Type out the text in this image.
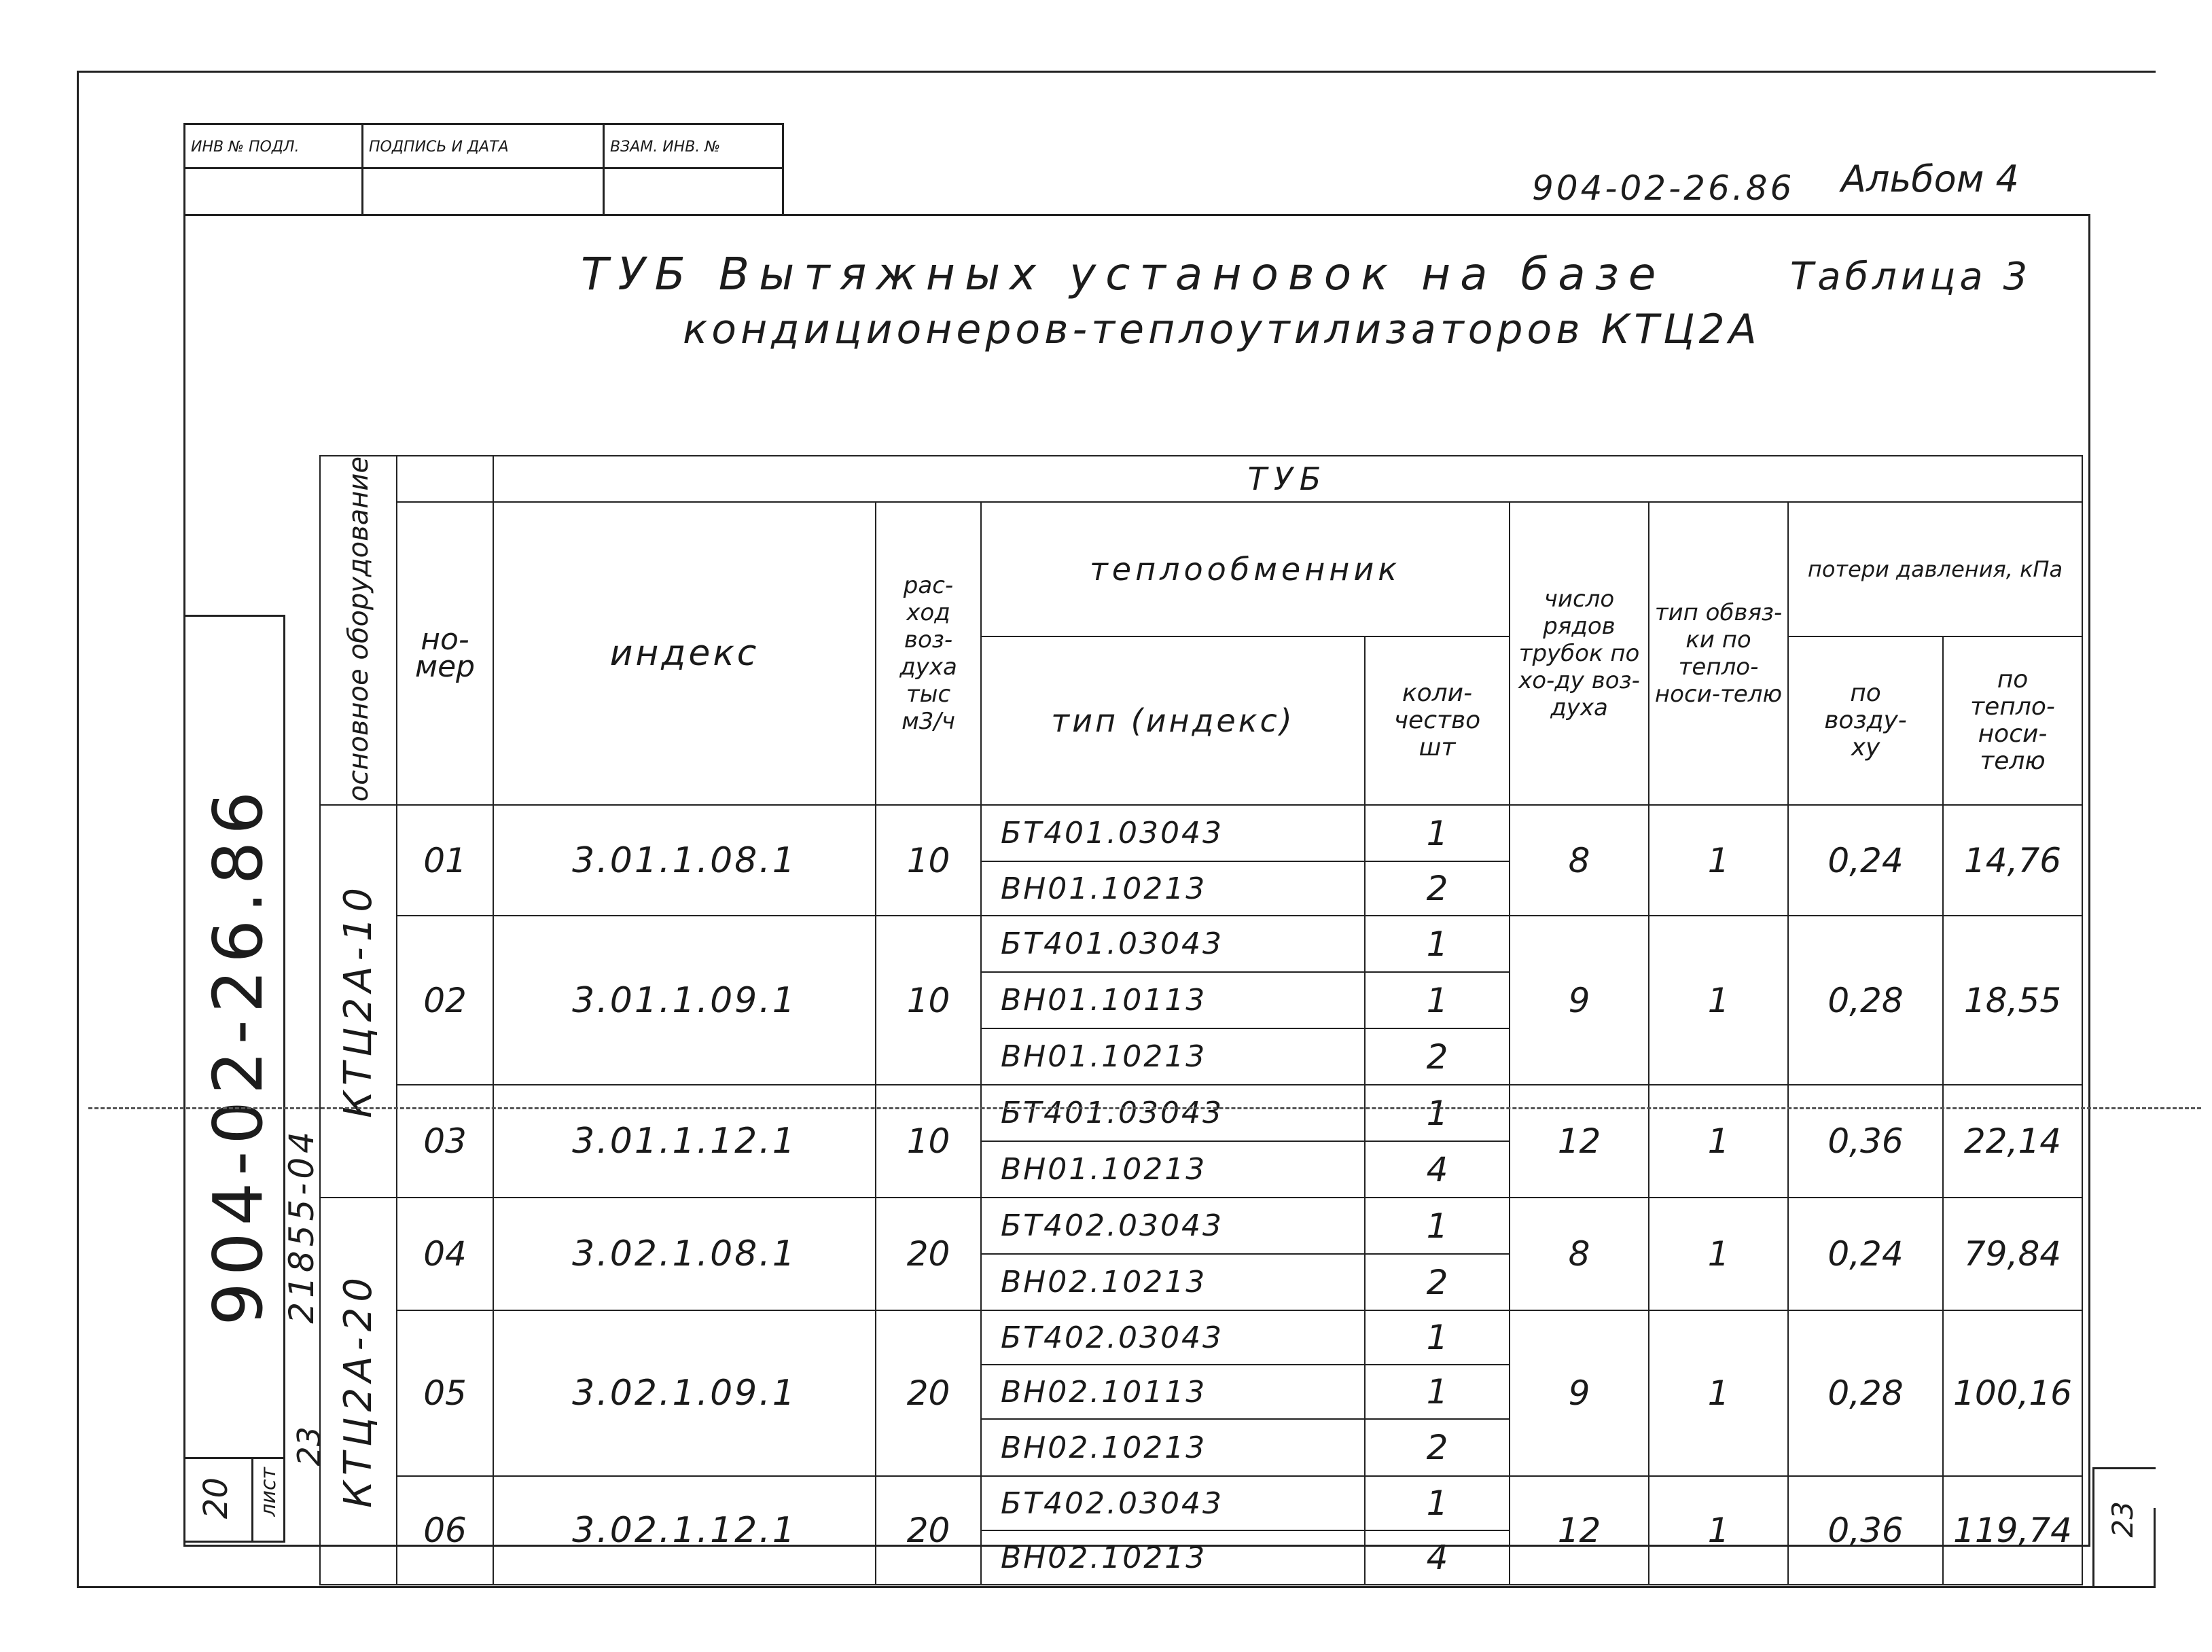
ИНВ № ПОДЛ.	ПОДПИСЬ И ДАТА	ВЗАМ. ИНВ. №
904-02-26.86 Альбом 4
ТУБ Вытяжных установок на базе	Таблица 3
кондиционеров-теплоутилизаторов КТЦ2А
904-02-26.86 21855-04
лист
20
23
основное оборудование		ТУБ							

	но-мер	индекс	рас-ход воз-духа тыс м3/ч	теплообменник		число рядов трубок по хо-ду воз-духа	тип обвяз-ки по тепло-носи-телю	потери давления, кПа	

				тип (индекс)	коли-чество шт			по возду-ху	по тепло-носи-телю

КТЦ2А-10	01	3.01.1.08.1	10	БТ401.03043	1	8	1	0,24	14,76
				ВН01.10213	2				
	02	3.01.1.09.1	10	БТ401.03043	1	9	1	0,28	18,55
				ВН01.10113	1				
				ВН01.10213	2				
	03	3.01.1.12.1	10	БТ401.03043	1	12	1	0,36	22,14
				ВН01.10213	4				
КТЦ2А-20	04	3.02.1.08.1	20	БТ402.03043	1	8	1	0,24	79,84
				ВН02.10213	2				
	05	3.02.1.09.1	20	БТ402.03043	1	9	1	0,28	100,16
				ВН02.10113	1				
				ВН02.10213	2				
	06	3.02.1.12.1	20	БТ402.03043	1	12	1	0,36	119,74
				ВН02.10213	4				
23
